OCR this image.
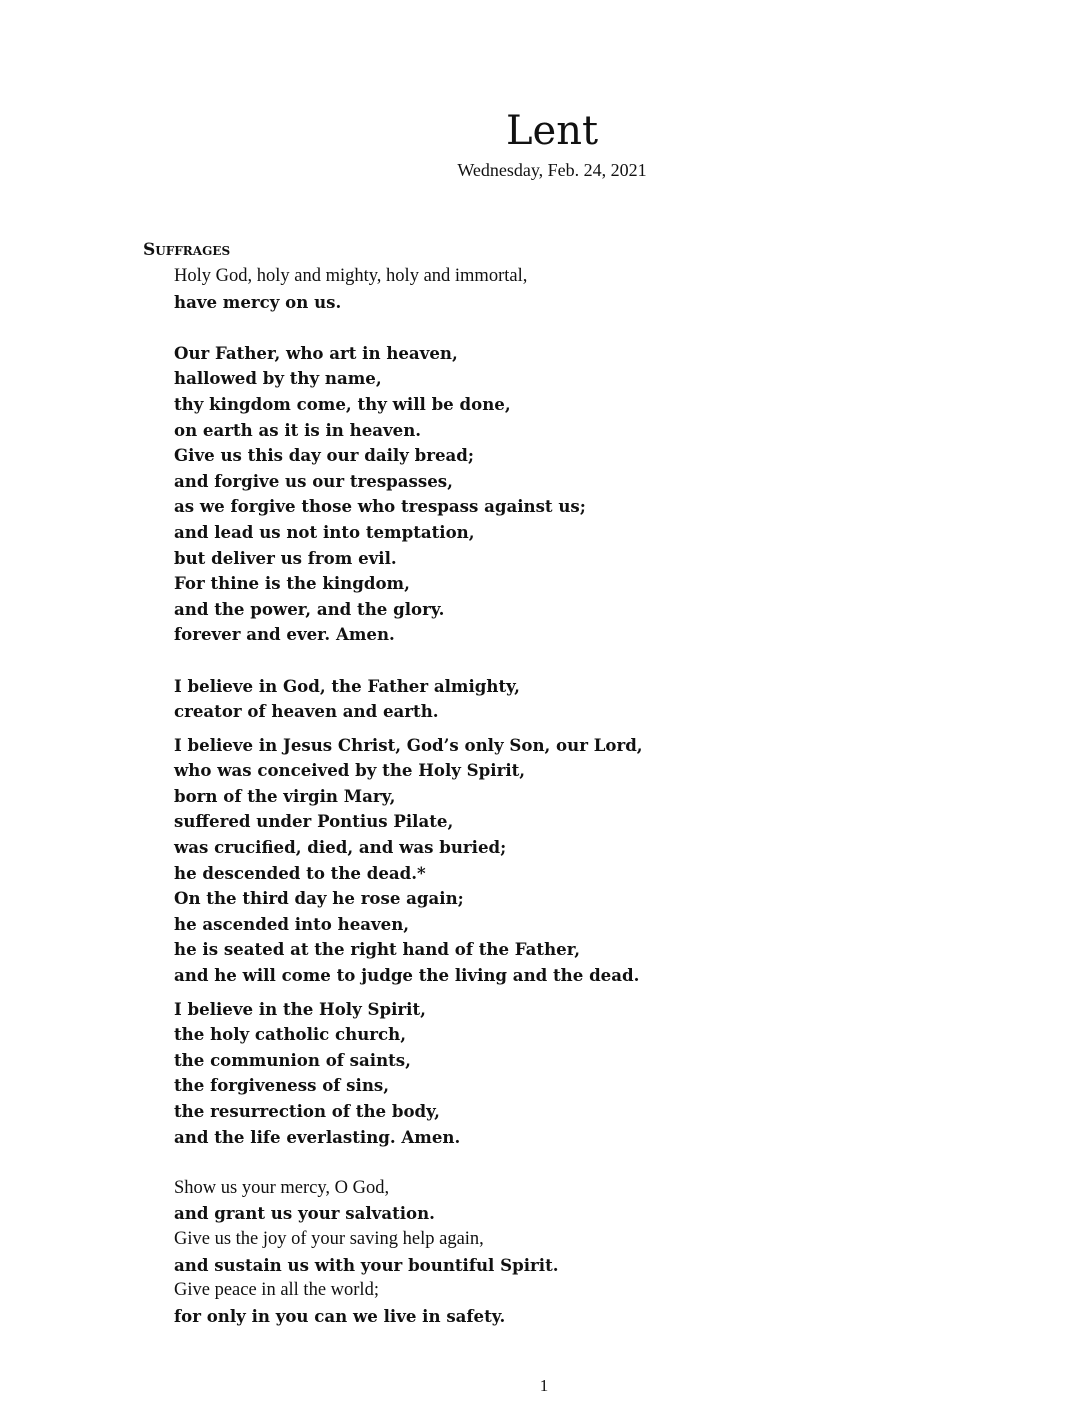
Lent
Wednesday, Feb. 24, 2021
Suffrages
Holy God, holy and mighty, holy and immortal,
have mercy on us.
Our Father, who art in heaven,
hallowed by thy name,
thy kingdom come, thy will be done,
on earth as it is in heaven.
Give us this day our daily bread;
and forgive us our trespasses,
as we forgive those who trespass against us;
and lead us not into temptation,
but deliver us from evil.
For thine is the kingdom,
and the power, and the glory.
forever and ever. Amen.
I believe in God, the Father almighty,
creator of heaven and earth.
I believe in Jesus Christ, God’s only Son, our Lord,
who was conceived by the Holy Spirit,
born of the virgin Mary,
suffered under Pontius Pilate,
was crucified, died, and was buried;
he descended to the dead.*
On the third day he rose again;
he ascended into heaven,
he is seated at the right hand of the Father,
and he will come to judge the living and the dead.
I believe in the Holy Spirit,
the holy catholic church,
the communion of saints,
the forgiveness of sins,
the resurrection of the body,
and the life everlasting. Amen.
Show us your mercy, O God,
and grant us your salvation.
Give us the joy of your saving help again,
and sustain us with your bountiful Spirit.
Give peace in all the world;
for only in you can we live in safety.
1
